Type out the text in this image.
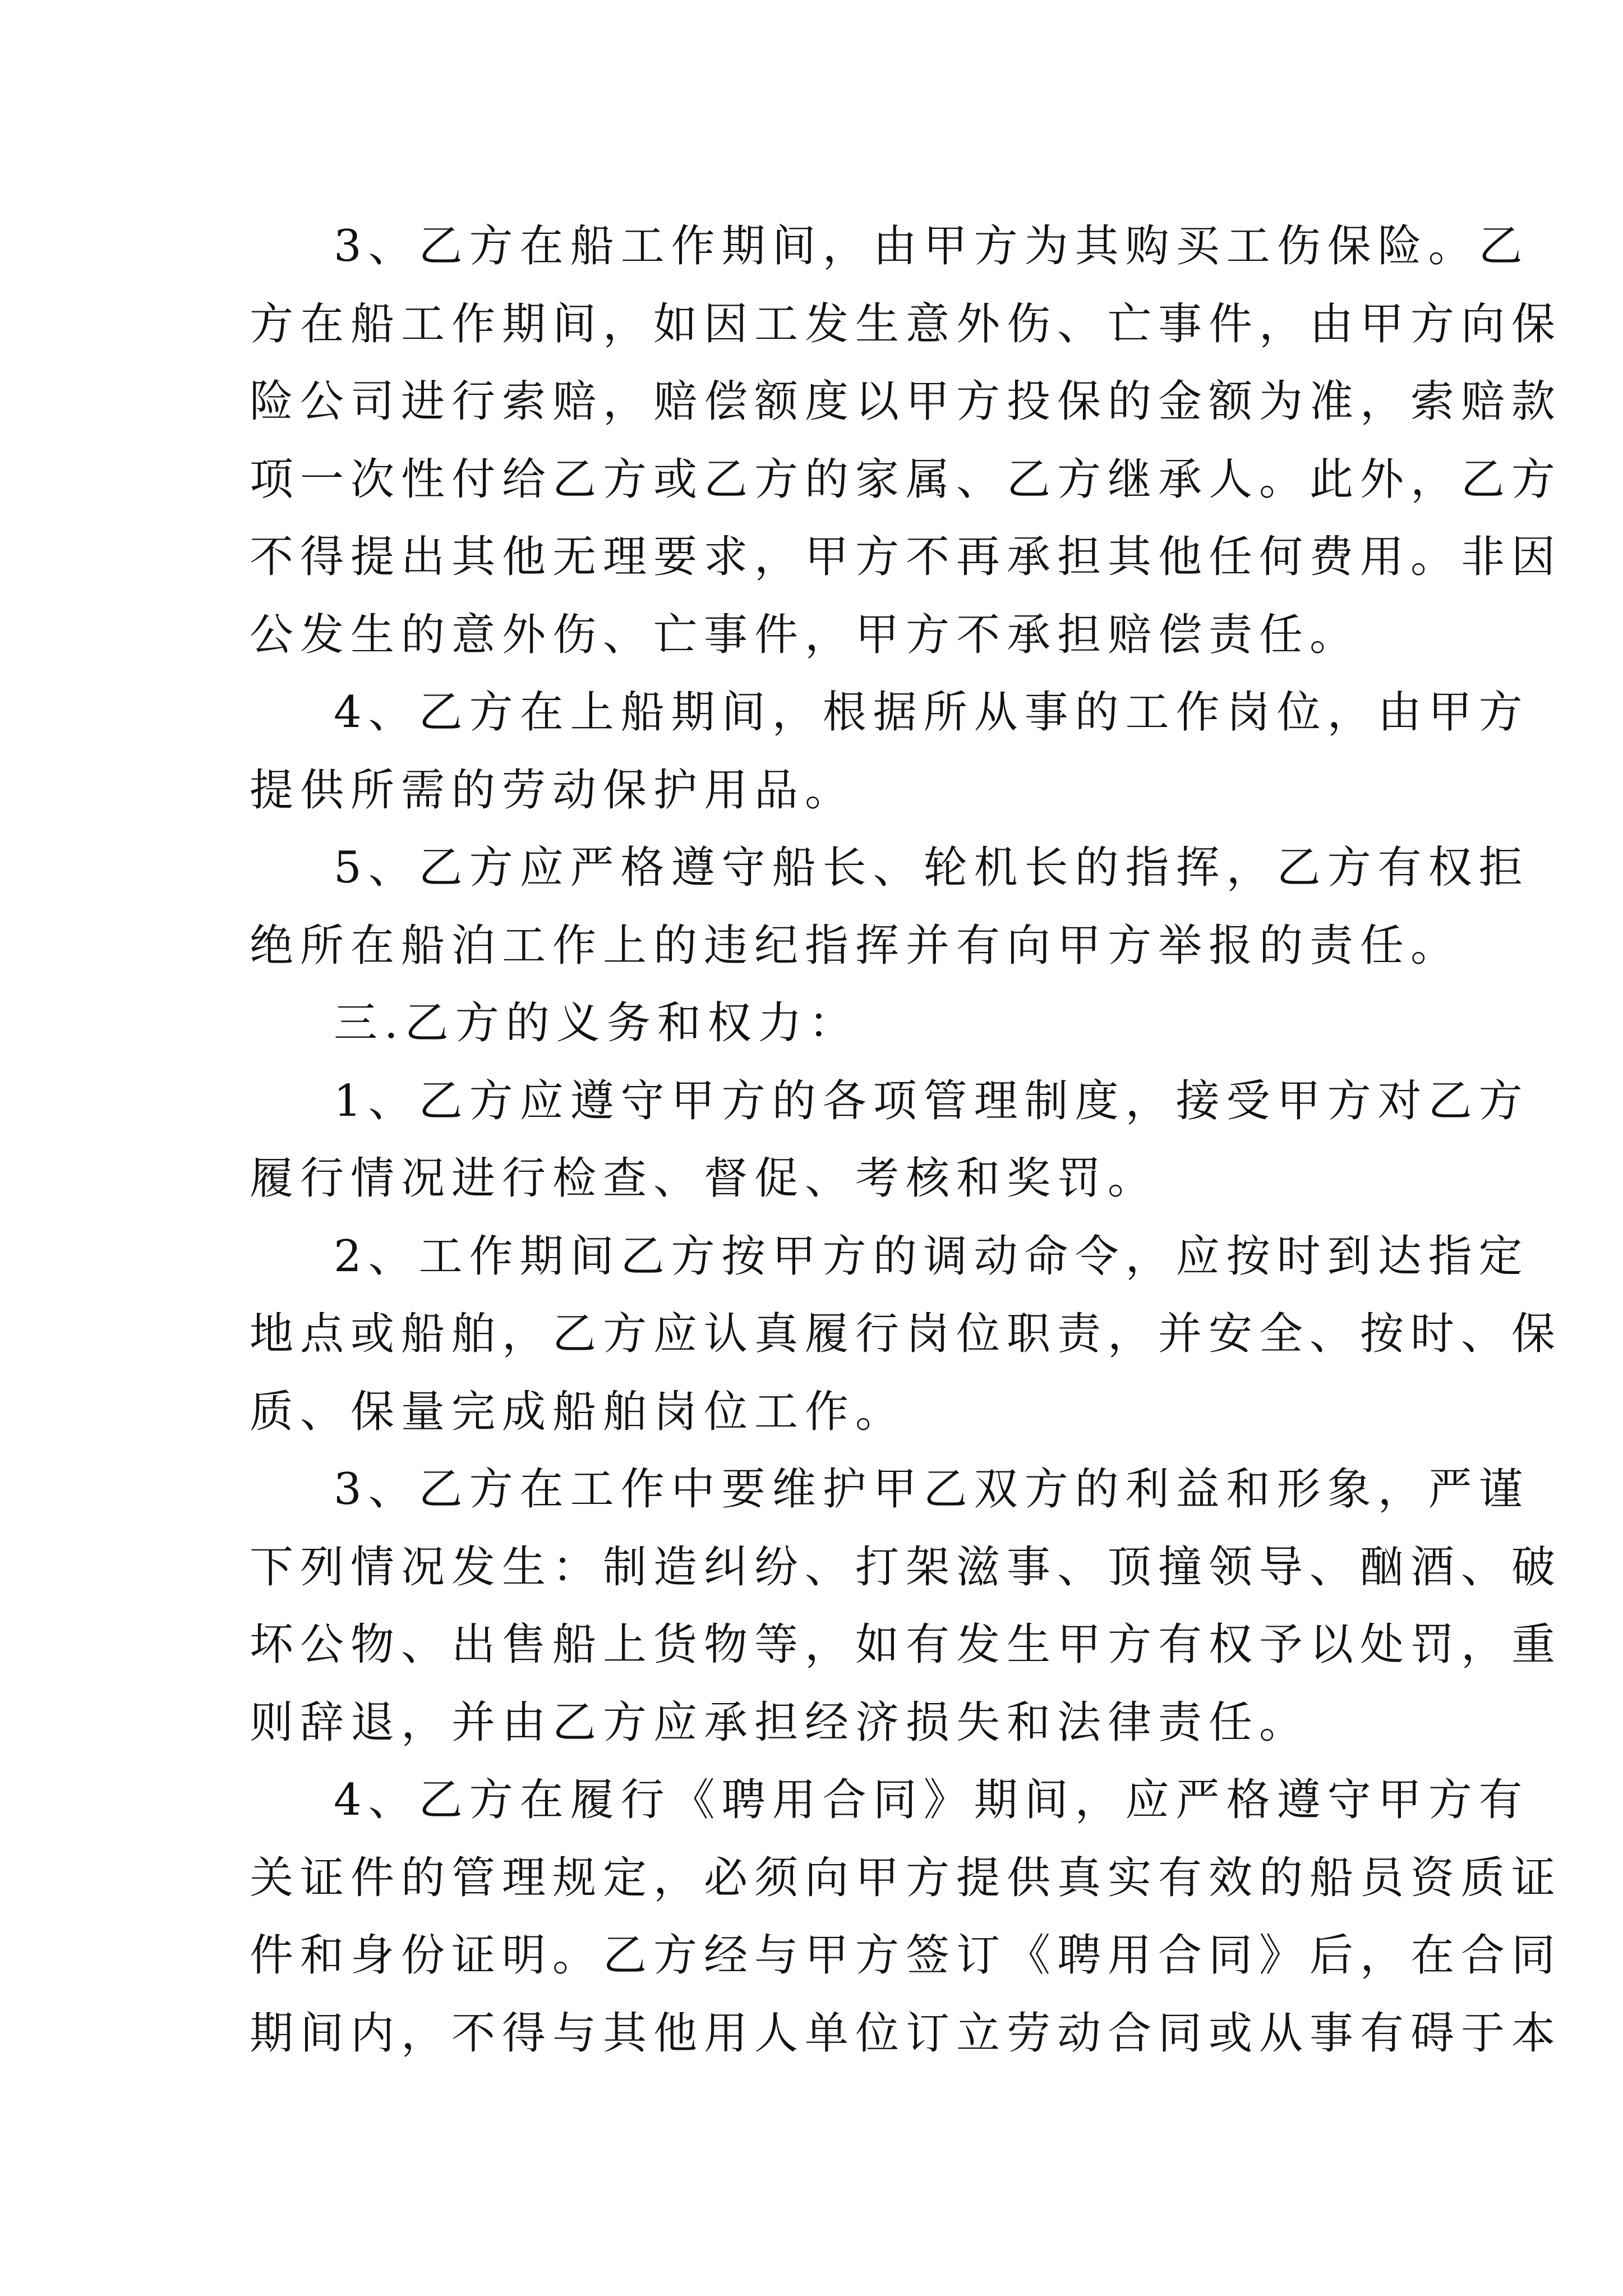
3、乙方在船工作期间，由甲方为其购买工伤保险。乙
方在船工作期间，如因工发生意外伤、亡事件，由甲方向保
险公司进行索赔，赔偿额度以甲方投保的金额为准，索赔款
项一次性付给乙方或乙方的家属、乙方继承人。此外，乙方
不得提出其他无理要求，甲方不再承担其他任何费用。非因
公发生的意外伤、亡事件，甲方不承担赔偿责任。
4、乙方在上船期间，根据所从事的工作岗位，由甲方
提供所需的劳动保护用品。
5、乙方应严格遵守船长、轮机长的指挥，乙方有权拒
绝所在船泊工作上的违纪指挥并有向甲方举报的责任。
三.乙方的义务和权力：
1、乙方应遵守甲方的各项管理制度，接受甲方对乙方
履行情况进行检查、督促、考核和奖罚。
2、工作期间乙方按甲方的调动命令，应按时到达指定
地点或船舶，乙方应认真履行岗位职责，并安全、按时、保
质、保量完成船舶岗位工作。
3、乙方在工作中要维护甲乙双方的利益和形象，严谨
下列情况发生：制造纠纷、打架滋事、顶撞领导、酗酒、破
坏公物、出售船上货物等，如有发生甲方有权予以处罚，重
则辞退，并由乙方应承担经济损失和法律责任。
4、乙方在履行《聘用合同》期间，应严格遵守甲方有
关证件的管理规定，必须向甲方提供真实有效的船员资质证
件和身份证明。乙方经与甲方签订《聘用合同》后，在合同
期间内，不得与其他用人单位订立劳动合同或从事有碍于本
